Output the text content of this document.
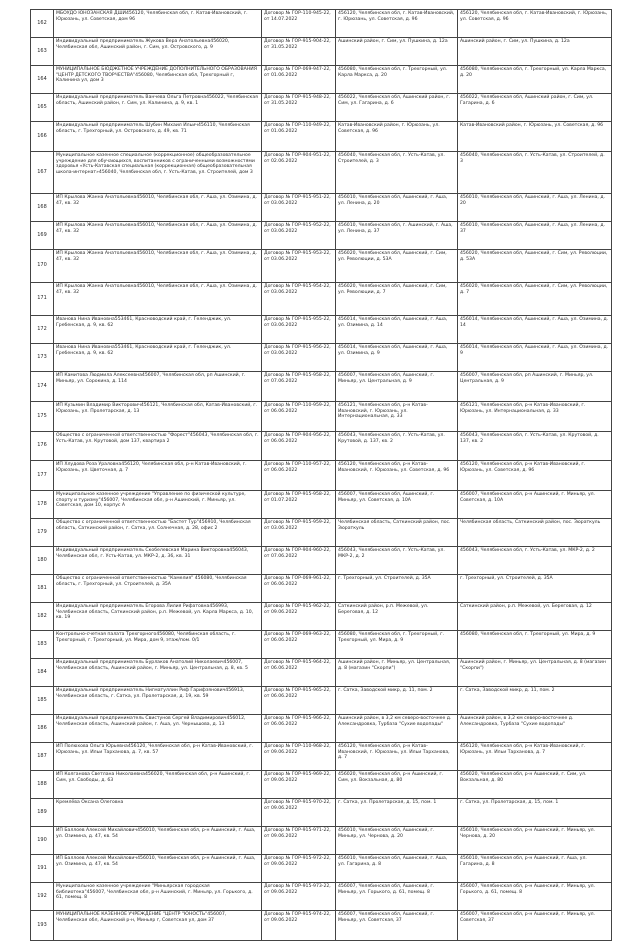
162	МБОУДО ЮНОЗАНСКАЯ ДШИ456120, Челябинская обл, г. Катав-Ивановский, г. Юрюзань, ул. Советская, дом 96	Договор № ГОР-110-945-22, от 14.07.2022	456120, Челябинская обл, г. Катав-Ивановский, г. Юрюзань, ул. Советская, д. 96	456120, Челябинская обл, г. Катав-Ивановский, г. Юрюзань, ул. Советская, д. 96
163	Индивидуальный предприниматель Жукова Вера Анатольевна456020, Челябинская обл, Ашинский район, г. Сим, ул. Островского, д. 9	Договор № ГОР-915-904-22, от 31.05.2022	Ашинский район, г. Сим, ул. Пушкина, д. 12а	Ашинский район, г. Сим, ул. Пушкина, д. 12а
164	МУНИЦИПАЛЬНОЕ БЮДЖЕТНОЕ УЧРЕЖДЕНИЕ ДОПОЛНИТЕЛЬНОГО ОБРАЗОВАНИЯ "ЦЕНТР ДЕТСКОГО ТВОРЧЕСТВА"456080, Челябинская обл, Трехгорный г, Калинина ул, дом 3	Договор № ГОР-069-947-22, от 01.06.2022	456080, Челябинская обл, г. Трехгорный, ул. Карла Маркса, д. 20	456080, Челябинская обл, г. Трехгорный, ул. Карла Маркса, д. 20
165	Индивидуальный предприниматель Ванчева Ольга Петровна456022, Челябинская область, Ашинский район, г. Сим, ул. Калинина, д. 9, кв. 1	Договор № ГОР-915-948-22, от 31.05.2022	456022, Челябинская обл, Ашинский район, г. Сим, ул. Гагарина, д. 6	456022, Челябинская обл, Ашинский район, г. Сим, ул. Гагарина, д. 6
166	Индивидуальный предприниматель Шубин Михаил Ильич456110, Челябинская область, г. Трехгорный, ул. Островского, д. 49, кв. 71	Договор № ГОР-110-949-22, от 01.06.2022	Катав-Ивановский район, г. Юрюзань, ул. Советская, д. 96	Катав-Ивановский район, г. Юрюзань, ул. Советская, д. 96
167	Муниципальное казенное специальное (коррекционное) общеобразовательное учреждение для обучающихся, воспитанников с ограниченными возможностями здоровья «Усть-Катавская специальная (коррекционная) общеобразовательная школа-интернат»456040, Челябинская обл, г. Усть-Катав, ул. Строителей, дом 3	Договор № ГОР-904-951-22, от 02.06.2022	456040, Челябинская обл, г. Усть-Катав, ул. Строителей, д. 3	456040, Челябинская обл, г. Усть-Катав, ул. Строителей, д. 3
168	ИП Крылова Жанна Анатольевна456010, Челябинская обл, г. Аша, ул. Озимина, д. 47, кв. 32	Договор № ГОР-915-951-22, от 03.06.2022	456010, Челябинская обл, Ашинский, г. Аша, ул. Ленина, д. 20	456010, Челябинская обл, Ашинский, г. Аша, ул. Ленина, д. 20
169	ИП Крылова Жанна Анатольевна456010, Челябинская обл, г. Аша, ул. Озимина, д. 47, кв. 32	Договор № ГОР-915-952-22, от 03.06.2022	456010, Челябинская обл, г. Ашинский, г. Аша, ул. Ленина, д. 37	456010, Челябинская обл, Ашинский, г. Аша, ул. Ленина, д. 37
170	ИП Крылова Жанна Анатольевна456010, Челябинская обл, г. Аша, ул. Озимина, д. 47, кв. 32	Договор № ГОР-915-953-22, от 03.06.2022	456020, Челябинская обл, Ашинский, г. Сим, ул. Революции, д. 53А	456020, Челябинская обл, Ашинский, г. Сим, ул. Революции, д. 53А
171	ИП Крылова Жанна Анатольевна456010, Челябинская обл, г. Аша, ул. Озимина, д. 47, кв. 32	Договор № ГОР-915-954-22, от 03.06.2022	456020, Челябинская обл, Ашинский, г. Сим, ул. Революции, д. 7	456020, Челябинская обл, Ашинский, г. Сим, ул. Революции, д. 7
172	Иванова Нина Ивановна553461, Красноводский край, г. Геленджик, ул. Гребенская, д. 9, кв. 62	Договор № ГОР-915-955-22, от 03.06.2022	456014, Челябинская обл, Ашинский, г. Аша, ул. Озимина, д. 14	456014, Челябинская обл, Ашинский, г. Аша, ул. Озимина, д. 14
173	Иванова Нина Ивановна553461, Красноводский край, г. Геленджик, ул. Гребенская, д. 9, кв. 62	Договор № ГОР-915-956-22, от 03.06.2022	456014, Челябинская обл, Ашинский, г. Аша, ул. Озимина, д. 9	456014, Челябинская обл, Ашинский, г. Аша, ул. Озимина, д. 9
174	ИП Камитова Людмила Алексеевна456007, Челябинская обл, рп Ашинский, г. Миньяр, ул. Сорокина, д. 114	Договор № ГОР-915-958-22, от 07.06.2022	456007, Челябинская обл, Ашинский, г. Миньяр, ул. Центральная, д. 9	456007, Челябинская обл, рп Ашинский, г. Миньяр, ул. Центральная, д. 9
175	ИП Кузьмин Владимир Викторович456121, Челябинская обл, Катав-Ивановский, г. Юрюзань, ул. Пролетарская, д. 13	Договор № ГОР-110-959-22, от 06.06.2022	456121, Челябинская обл, р-н Катав-Ивановский, г. Юрюзань, ул. Интернациональная, д. 33	456121, Челябинская обл, р-н Катав-Ивановский, г. Юрюзань, ул. Интернациональная, д. 33
176	Общество с ограниченной ответственностью "Форест"456043, Челябинская обл, г. Усть-Катав, ул. Крутовой, дом 137, квартира 2	Договор № ГОР-904-956-22, от 06.06.2022	456043, Челябинская обл, г. Усть-Катав, ул. Крутовой, д. 137, кв. 2	456043, Челябинская обл, г. Усть-Катав, ул. Крутовой, д. 137, кв. 2
177	ИП Хлудова Роза Ураловна456120, Челябинская обл, р-н Катав-Ивановский, г. Юрюзань, ул. Цветочная, д. 7	Договор № ГОР-110-957-22, от 06.06.2022	456120, Челябинская обл, р-н Катав-Ивановский, г. Юрюзань, ул. Советская, д. 96	456120, Челябинская обл, р-н Катав-Ивановский, г. Юрюзань, ул. Советская, д. 96
178	Муниципальное казенное учреждение "Управление по физической культуре, спорту и туризму"456007, Челябинская обл, р-н Ашинский, г. Миньяр, ул. Советская, дом 10, корпус А	Договор № ГОР-915-958-22, от 01.07.2022	456007, Челябинская обл, Ашинский, г. Миньяр, ул. Советская, д. 10А	456007, Челябинская обл, р-н Ашинский, г. Миньяр, ул. Советская, д. 10А
179	Общество с ограниченной ответственностью "Бастет Тур"456910, Челябинская область, Саткинский район, г. Сатка, ул. Солнечная, д. 28, офис 2	Договор № ГОР-915-959-22, от 03.06.2022	Челябинская область, Саткинский район, пос. Зюраткуль	Челябинская область, Саткинский район, пос. Зюраткуль
180	Индивидуальный предприниматель Скобелевская Марина Викторовна456043, Челябинская обл, г. Усть-Катав, ул. МКР-2, д. 36, кв. 31	Договор № ГОР-904-960-22, от 07.06.2022	456043, Челябинская обл, г. Усть-Катав, ул. МКР-2, д. 2	456043, Челябинская обл, г. Усть-Катав, ул. МКР-2, д. 2
181	Общество с ограниченной ответственностью "Камелия" 456080, Челябинская область, г. Трехгорный, ул. Строителей, д. 35А	Договор № ГОР-069-961-22, от 06.06.2022	г. Трехгорный, ул. Строителей, д. 35А	г. Трехгорный, ул. Строителей, д. 35А
182	Индивидуальный предприниматель Егорова Лилия Рифатовна456993, Челябинская область, Саткинский район, р.п. Межевой, ул. Карла Маркса, д. 10, кв. 19	Договор № ГОР-915-962-22, от 09.06.2022	Саткинский район, р.п. Межевой, ул. Береговая, д. 12	Саткинский район, р.п. Межевой, ул. Береговая, д. 12
183	Контрольно-счетная палата Трехгорного456080, Челябинская область, г. Трехгорный, г. Трехгорный, ул. Мира, дом 9, этаж/пом. 0/1	Договор № ГОР-069-963-22, от 06.06.2022	456080, Челябинская обл, г. Трехгорный, г. Трехгорный, ул. Мира, д. 9	456080, Челябинская обл, г. Трехгорный, ул. Мира, д. 9
184	Индивидуальный предприниматель Бурлаков Анатолий Николаевич456007, Челябинская область, Ашинский район, г. Миньяр, ул. Центральная, д. 8, кв. 5	Договор № ГОР-915-964-22, от 06.06.2022	Ашинский район, г. Миньяр, ул. Центральная, д. 8 (магазин "Скорпи")	Ашинский район, г. Миньяр, ул. Центральная, д. 8 (магазин "Скорпи")
185	Индивидуальный предприниматель Нигматуллин Риф Гарифзянович456913, Челябинская область, г. Сатка, ул. Пролетарская, д. 19, кв. 59	Договор № ГОР-915-965-22, от 06.06.2022	г. Сатка, Заводской микр, д. 11, пом. 2	г. Сатка, Заводской микр, д. 11, пом. 2
186	Индивидуальный предприниматель Свистунов Сергей Владимирович456012, Челябинская область, Ашинский район, г. Аша, ул. Чернышова, д. 13	Договор № ГОР-915-966-22, от 06.06.2022	Ашинский район, в 3,2 км северо-восточнее д. Александровка, Турбаза "Сухие водопады"	Ашинский район, в 3,2 км северо-восточнее д. Александровка, Турбаза "Сухие водопады"
187	ИП Полюхова Ольга Юрьевна456120, Челябинская обл, р-н Катав-Ивановский, г. Юрюзань, ул. Ильи Тарханова, д. 7, кв. 57	Договор № ГОР-110-968-22, от 09.06.2022	456120, Челябинская обл, р-н Катав-Ивановский, г. Юрюзань, ул. Ильи Тарханова, д. 7	456120, Челябинская обл, р-н Катав-Ивановский, г. Юрюзань, ул. Ильи Тарханова, д. 7
188	ИП Колганова Светлана Николаевна456020, Челябинская обл, р-н Ашинский, г. Сим, ул. Свободы, д. 63	Договор № ГОР-915-969-22, от 09.06.2022	456020, Челябинская обл, р-н Ашинский, г. Сим, ул. Вокзальная, д. 80	456020, Челябинская обл, р-н Ашинский, г. Сим, ул. Вокзальная, д. 80
189	Кремлёва Оксана Олеговна	Договор № ГОР-915-970-22, от 09.06.2022	г. Сатка, ул. Пролетарская, д. 15, пом. 1	г. Сатка, ул. Пролетарская, д. 15, пом. 1
190	ИП Баллоев Алексей Михайлович456010, Челябинская обл, р-н Ашинский, г. Аша, ул. Озимина, д. 47, кв. 54	Договор № ГОР-915-971-22, от 09.06.2022	456010, Челябинская обл, Ашинский, г. Миньяр, ул. Чернова, д. 20	456010, Челябинская обл, р-н Ашинский, г. Миньяр, ул. Чернова, д. 20
191	ИП Баллоев Алексей Михайлович456010, Челябинская обл, р-н Ашинский, г. Аша, ул. Озимина, д. 47, кв. 54	Договор № ГОР-915-972-22, от 09.06.2022	456010, Челябинская обл, Ашинский, г. Аша, ул. Гагарина, д. 8	456010, Челябинская обл, р-н Ашинский, г. Аша, ул. Гагарина, д. 8
192	Муниципальное казенное учреждение "Миньярская городская библиотека"456007, Челябинская обл, р-н Ашинский, г. Миньяр, ул. Горького, д. 61, помещ. 8	Договор № ГОР-915-973-22, от 09.06.2022	456007, Челябинская обл, Ашинский, г. Миньяр, ул. Горького, д. 61, помещ. 8	456007, Челябинская обл, р-н Ашинский, г. Миньяр, ул. Горького, д. 61, помещ. 8
193	МУНИЦИПАЛЬНОЕ КАЗЕННОЕ УЧРЕЖДЕНИЕ "ЦЕНТР "ЮНОСТЬ"456007, Челябинская обл, Ашинский р-н, Миньяр г, Советская ул, дом 37	Договор № ГОР-915-974-22, от 09.06.2022	456007, Челябинская обл, Ашинский, г. Миньяр, ул. Советская, 37	456007, Челябинская обл, р-н Ашинский, г. Миньяр, ул. Советская, 37
